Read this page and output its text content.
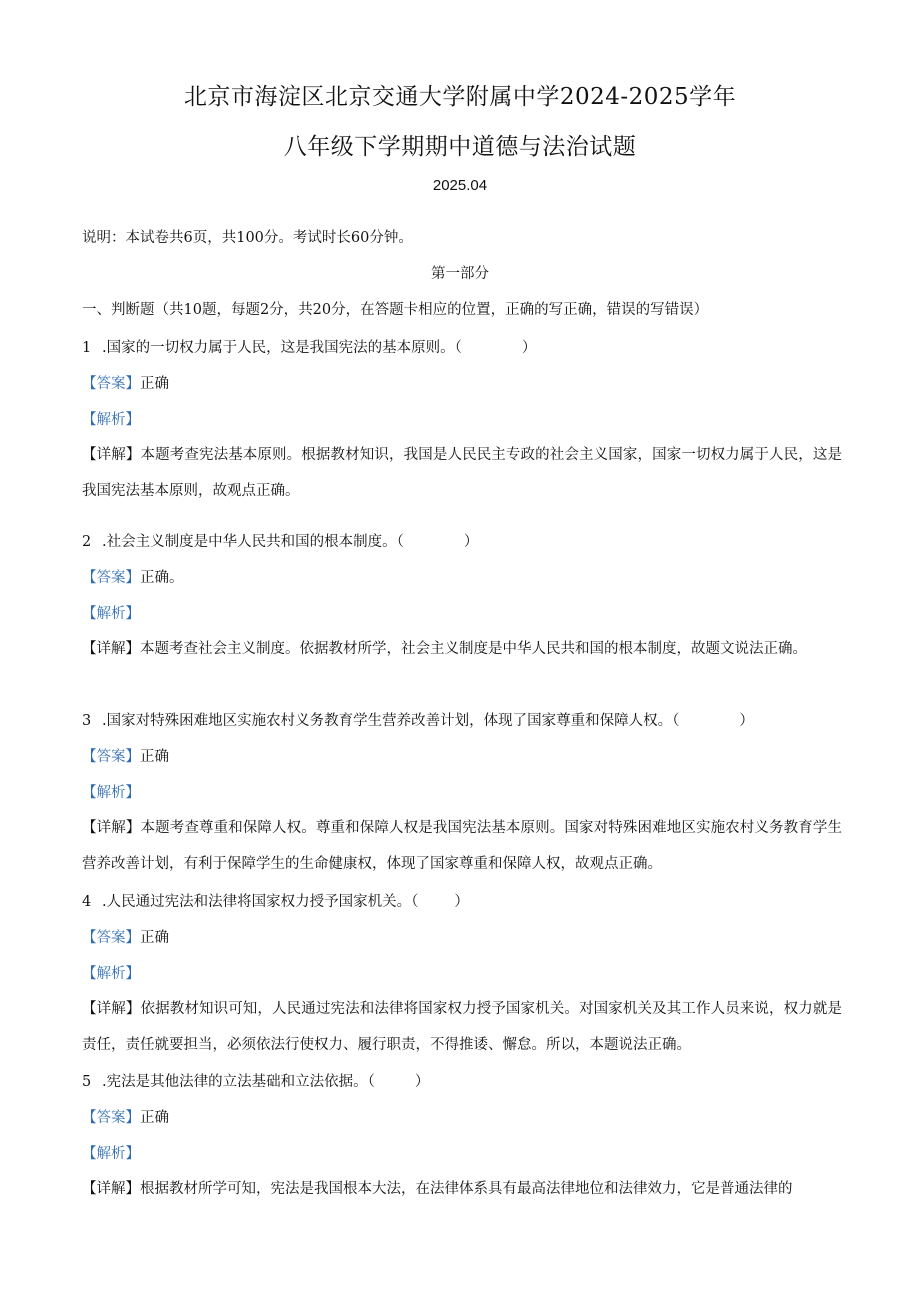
北京市海淀区北京交通大学附属中学2024-2025学年
八年级下学期期中道德与法治试题
2025.04
说明：本试卷共6页，共100分。考试时长60分钟。
第一部分
一、判断题（共10题，每题2分，共20分，在答题卡相应的位置，正确的写正确，错误的写错误）
1 .国家的一切权力属于人民，这是我国宪法的基本原则。（	）
【答案】正确
【解析】
【详解】本题考查宪法基本原则。根据教材知识，我国是人民民主专政的社会主义国家，国家一切权力属于人民，这是我国宪法基本原则，故观点正确。
2 .社会主义制度是中华人民共和国的根本制度。（	）
【答案】正确。
【解析】
【详解】本题考查社会主义制度。依据教材所学，社会主义制度是中华人民共和国的根本制度，故题文说法正确。
3 .国家对特殊困难地区实施农村义务教育学生营养改善计划，体现了国家尊重和保障人权。（	）
【答案】正确
【解析】
【详解】本题考查尊重和保障人权。尊重和保障人权是我国宪法基本原则。国家对特殊困难地区实施农村义务教育学生营养改善计划，有利于保障学生的生命健康权，体现了国家尊重和保障人权，故观点正确。
4 .人民通过宪法和法律将国家权力授予国家机关。（ ）
【答案】正确
【解析】
【详解】依据教材知识可知，人民通过宪法和法律将国家权力授予国家机关。对国家机关及其工作人员来说，权力就是责任，责任就要担当，必须依法行使权力、履行职责，不得推诿、懈怠。所以，本题说法正确。
5 .宪法是其他法律的立法基础和立法依据。（	）
【答案】正确
【解析】
【详解】根据教材所学可知，宪法是我国根本大法，在法律体系具有最高法律地位和法律效力，它是普通法律的
